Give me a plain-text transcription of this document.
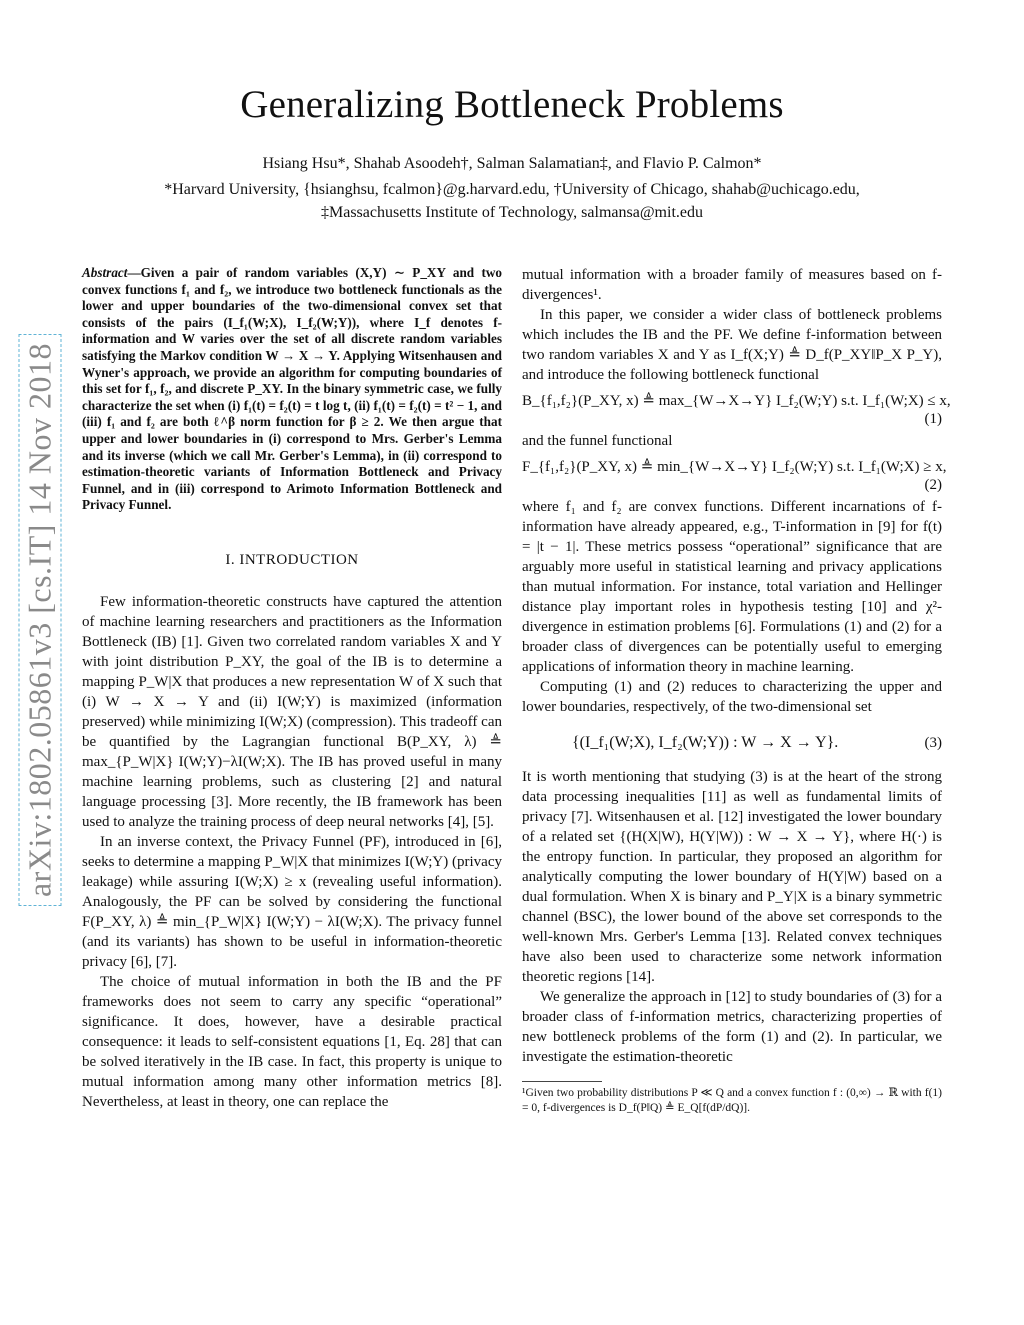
Generalizing Bottleneck Problems
Hsiang Hsu*, Shahab Asoodeh†, Salman Salamatian‡, and Flavio P. Calmon*
*Harvard University, {hsianghsu, fcalmon}@g.harvard.edu, †University of Chicago, shahab@uchicago.edu,
‡Massachusetts Institute of Technology, salmansa@mit.edu
arXiv:1802.05861v3 [cs.IT] 14 Nov 2018
Abstract—Given a pair of random variables (X,Y) ∼ P_XY and two convex functions f₁ and f₂, we introduce two bottleneck functionals as the lower and upper boundaries of the two-dimensional convex set that consists of the pairs (I_f₁(W;X), I_f₂(W;Y)), where I_f denotes f-information and W varies over the set of all discrete random variables satisfying the Markov condition W → X → Y. Applying Witsenhausen and Wyner's approach, we provide an algorithm for computing boundaries of this set for f₁, f₂, and discrete P_XY. In the binary symmetric case, we fully characterize the set when (i) f₁(t) = f₂(t) = t log t, (ii) f₁(t) = f₂(t) = t² − 1, and (iii) f₁ and f₂ are both ℓ^β norm function for β ≥ 2. We then argue that upper and lower boundaries in (i) correspond to Mrs. Gerber's Lemma and its inverse (which we call Mr. Gerber's Lemma), in (ii) correspond to estimation-theoretic variants of Information Bottleneck and Privacy Funnel, and in (iii) correspond to Arimoto Information Bottleneck and Privacy Funnel.
I. INTRODUCTION

Few information-theoretic constructs have captured the attention of machine learning researchers and practitioners as the Information Bottleneck (IB) [1]. Given two correlated random variables X and Y with joint distribution P_XY, the goal of the IB is to determine a mapping P_W|X that produces a new representation W of X such that (i) W → X → Y and (ii) I(W;Y) is maximized (information preserved) while minimizing I(W;X) (compression). This tradeoff can be quantified by the Lagrangian functional B(P_XY, λ) ≜ max_{P_W|X} I(W;Y)−λI(W;X). The IB has proved useful in many machine learning problems, such as clustering [2] and natural language processing [3]. More recently, the IB framework has been used to analyze the training process of deep neural networks [4], [5].

In an inverse context, the Privacy Funnel (PF), introduced in [6], seeks to determine a mapping P_W|X that minimizes I(W;Y) (privacy leakage) while assuring I(W;X) ≥ x (revealing useful information). Analogously, the PF can be solved by considering the functional F(P_XY, λ) ≜ min_{P_W|X} I(W;Y) − λI(W;X). The privacy funnel (and its variants) has shown to be useful in information-theoretic privacy [6], [7].

The choice of mutual information in both the IB and the PF frameworks does not seem to carry any specific “operational” significance. It does, however, have a desirable practical consequence: it leads to self-consistent equations [1, Eq. 28] that can be solved iteratively in the IB case. In fact, this property is unique to mutual information among many other information metrics [8]. Nevertheless, at least in theory, one can replace the

mutual information with a broader family of measures based on f-divergences¹.

In this paper, we consider a wider class of bottleneck problems which includes the IB and the PF. We define f-information between two random variables X and Y as I_f(X;Y) ≜ D_f(P_XY‖P_X P_Y), and introduce the following bottleneck functional

B_{f₁,f₂}(P_XY, x) ≜ max_{W→X→Y} I_f₂(W;Y) s.t. I_f₁(W;X) ≤ x,
(1)

and the funnel functional

F_{f₁,f₂}(P_XY, x) ≜ min_{W→X→Y} I_f₂(W;Y) s.t. I_f₁(W;X) ≥ x,
(2)

where f₁ and f₂ are convex functions. Different incarnations of f-information have already appeared, e.g., T-information in [9] for f(t) = |t − 1|. These metrics possess “operational” significance that are arguably more useful in statistical learning and privacy applications than mutual information. For instance, total variation and Hellinger distance play important roles in hypothesis testing [10] and χ²-divergence in estimation problems [6]. Formulations (1) and (2) for a broader class of divergences can be potentially useful to emerging applications of information theory in machine learning.

Computing (1) and (2) reduces to characterizing the upper and lower boundaries, respectively, of the two-dimensional set

{(I_f₁(W;X), I_f₂(W;Y)) : W → X → Y}.	(3)

It is worth mentioning that studying (3) is at the heart of the strong data processing inequalities [11] as well as fundamental limits of privacy [7]. Witsenhausen et al. [12] investigated the lower boundary of a related set {(H(X|W), H(Y|W)) : W → X → Y}, where H(·) is the entropy function. In particular, they proposed an algorithm for analytically computing the lower boundary of H(Y|W) based on a dual formulation. When X is binary and P_Y|X is a binary symmetric channel (BSC), the lower bound of the above set corresponds to the well-known Mrs. Gerber's Lemma [13]. Related convex techniques have also been used to characterize some network information theoretic regions [14].

We generalize the approach in [12] to study boundaries of (3) for a broader class of f-information metrics, characterizing properties of new bottleneck problems of the form (1) and (2). In particular, we investigate the estimation-theoretic

¹Given two probability distributions P ≪ Q and a convex function f : (0,∞) → ℝ with f(1) = 0, f-divergences is D_f(P‖Q) ≜ E_Q[f(dP/dQ)].
